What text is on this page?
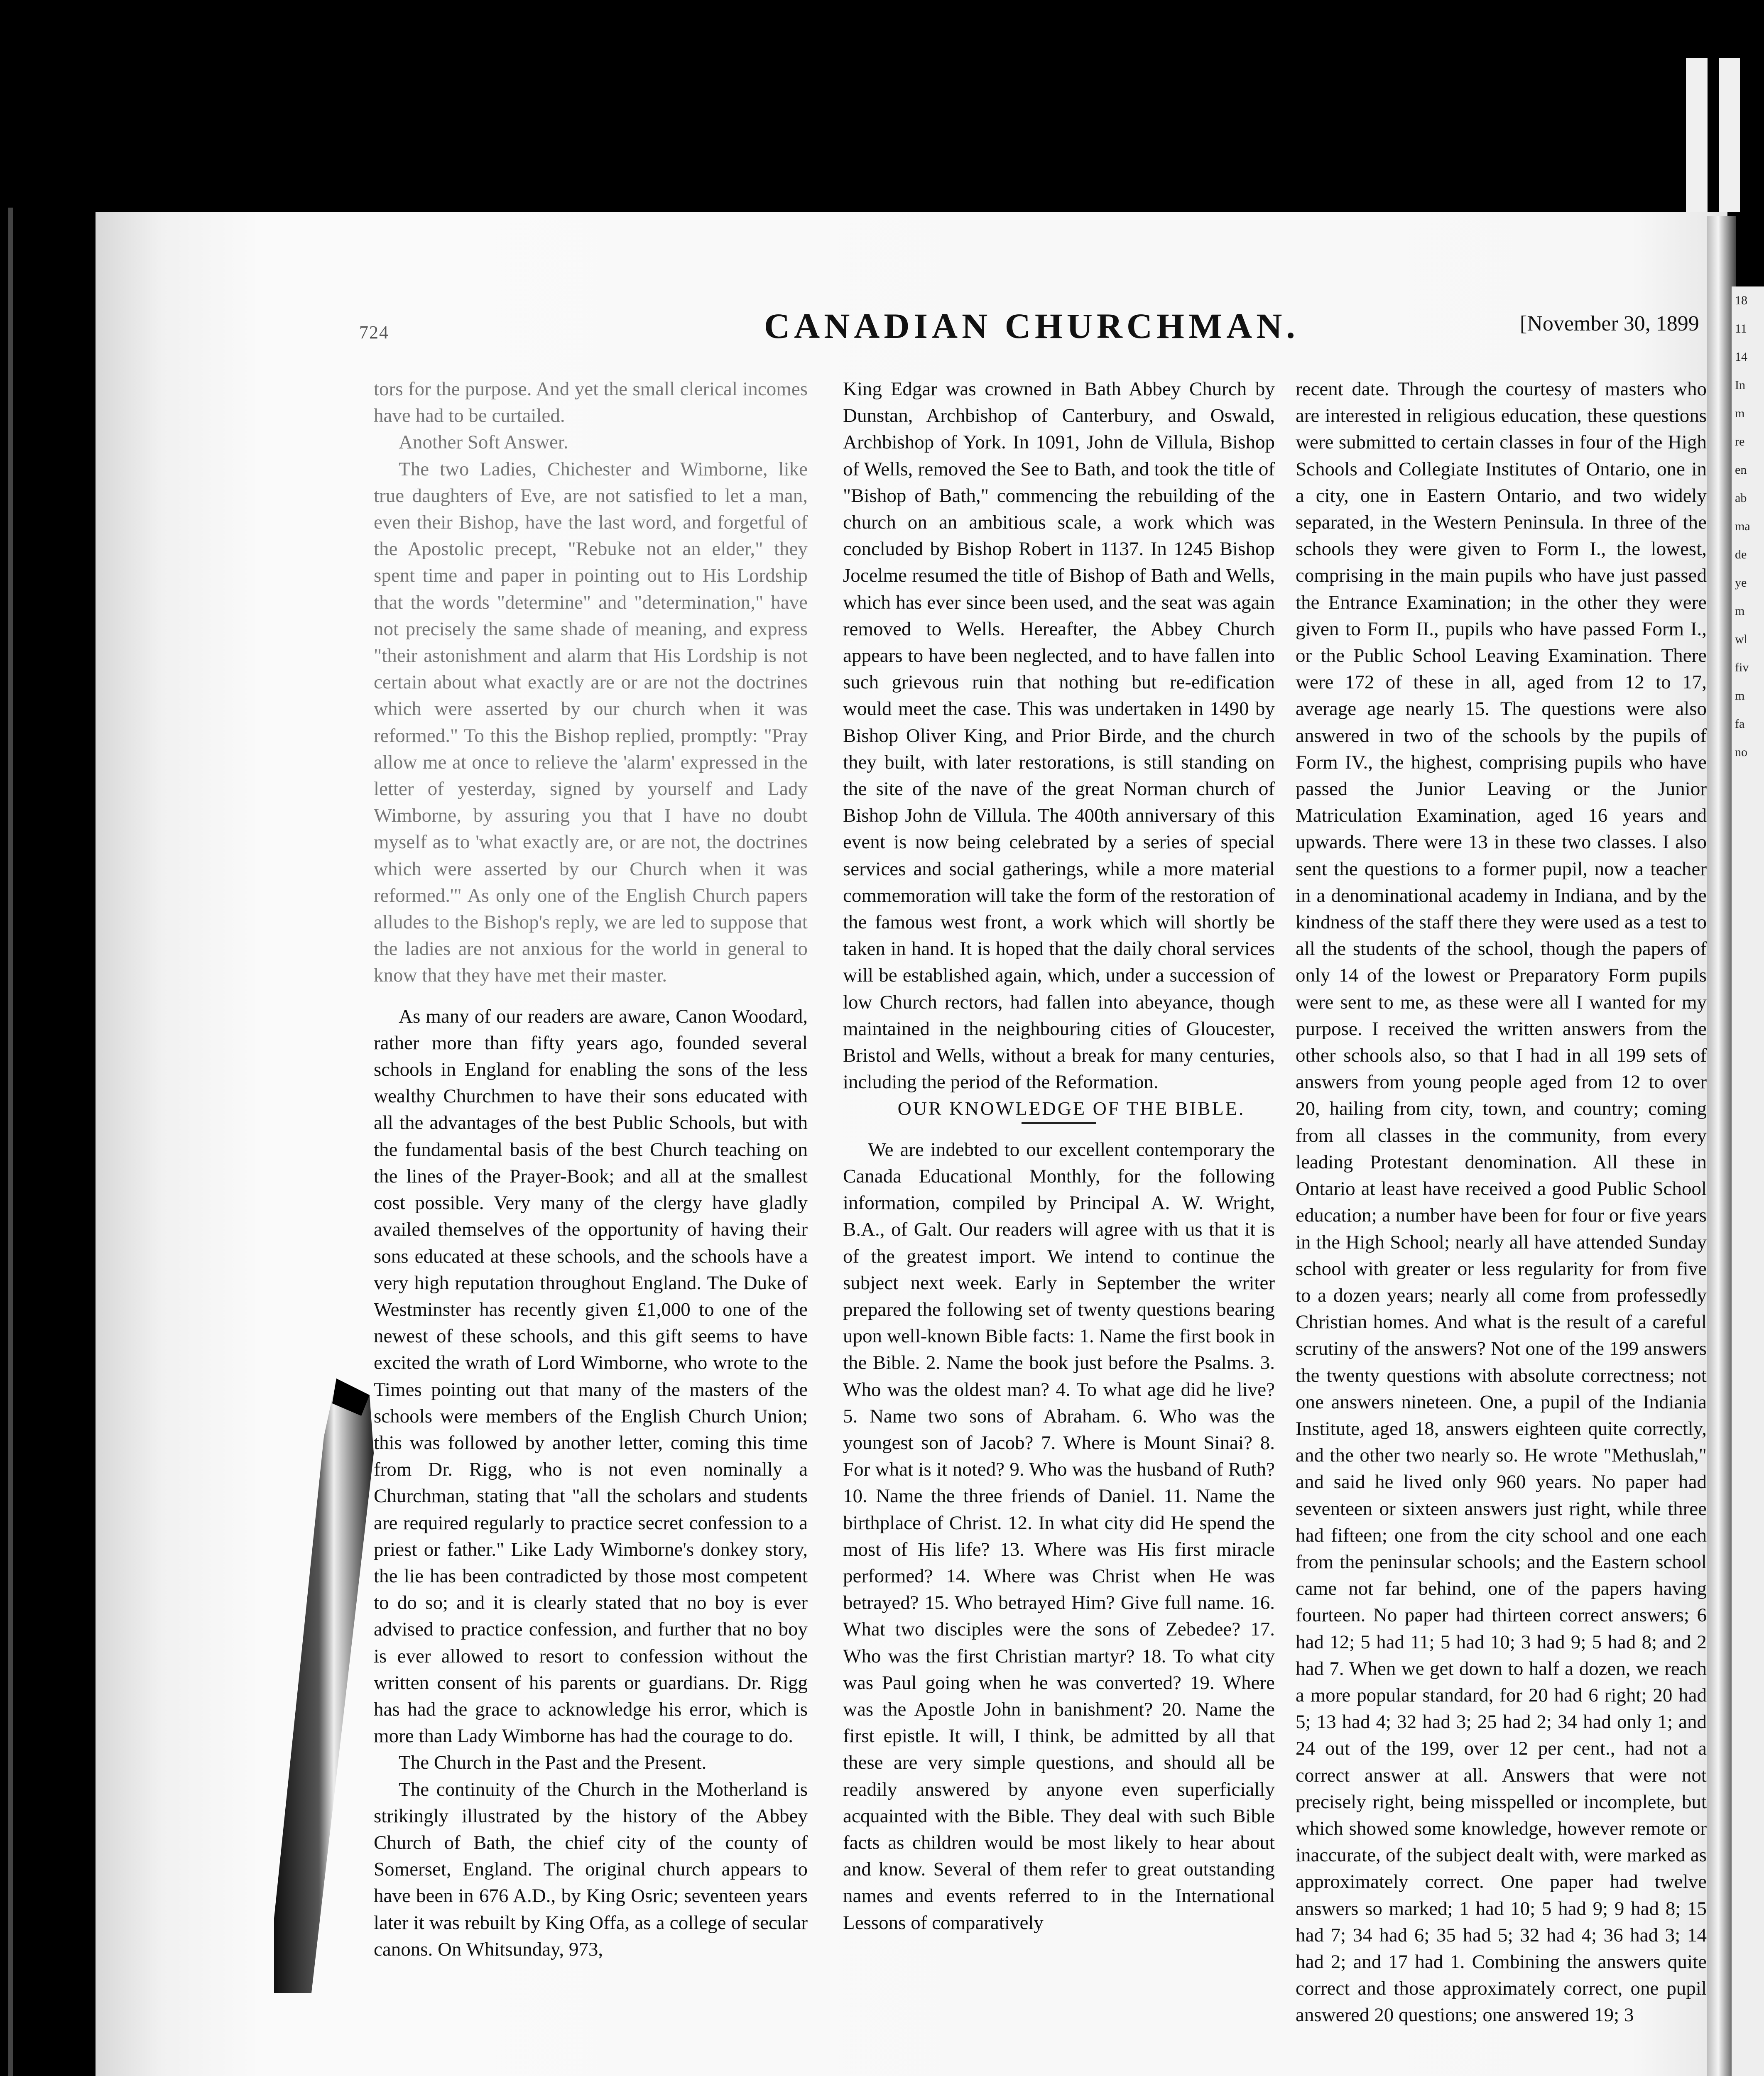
18
11
14
In
m
re
en
ab
ma
de
ye
m
wl
fiv
m
fa
no
724	CANADIAN CHURCHMAN.	[November 30, 1899

tors for the purpose. And yet the small clerical incomes have had to be curtailed.

Another Soft Answer.

The two Ladies, Chichester and Wimborne, like true daughters of Eve, are not satisfied to let a man, even their Bishop, have the last word, and forgetful of the Apostolic precept, "Rebuke not an elder," they spent time and paper in pointing out to His Lordship that the words "determine" and "determination," have not precisely the same shade of meaning, and express "their astonishment and alarm that His Lordship is not certain about what exactly are or are not the doctrines which were asserted by our church when it was reformed." To this the Bishop replied, promptly: "Pray allow me at once to relieve the 'alarm' expressed in the letter of yesterday, signed by yourself and Lady Wimborne, by assuring you that I have no doubt myself as to 'what exactly are, or are not, the doctrines which were asserted by our Church when it was reformed.'" As only one of the English Church papers alludes to the Bishop's reply, we are led to suppose that the ladies are not anxious for the world in general to know that they have met their master.

As many of our readers are aware, Canon Woodard, rather more than fifty years ago, founded several schools in England for enabling the sons of the less wealthy Churchmen to have their sons educated with all the advantages of the best Public Schools, but with the fundamental basis of the best Church teaching on the lines of the Prayer-Book; and all at the smallest cost possible. Very many of the clergy have gladly availed themselves of the opportunity of having their sons educated at these schools, and the schools have a very high reputation throughout England. The Duke of Westminster has recently given £1,000 to one of the newest of these schools, and this gift seems to have excited the wrath of Lord Wimborne, who wrote to the Times pointing out that many of the masters of the schools were members of the English Church Union; this was followed by another letter, coming this time from Dr. Rigg, who is not even nominally a Churchman, stating that "all the scholars and students are required regularly to practice secret confession to a priest or father." Like Lady Wimborne's donkey story, the lie has been contradicted by those most competent to do so; and it is clearly stated that no boy is ever advised to practice confession, and further that no boy is ever allowed to resort to confession without the written consent of his parents or guardians. Dr. Rigg has had the grace to acknowledge his error, which is more than Lady Wimborne has had the courage to do.

The Church in the Past and the Present.

The continuity of the Church in the Motherland is strikingly illustrated by the history of the Abbey Church of Bath, the chief city of the county of Somerset, England. The original church appears to have been in 676 A.D., by King Osric; seventeen years later it was rebuilt by King Offa, as a college of secular canons. On Whitsunday, 973,

King Edgar was crowned in Bath Abbey Church by Dunstan, Archbishop of Canterbury, and Oswald, Archbishop of York. In 1091, John de Villula, Bishop of Wells, removed the See to Bath, and took the title of "Bishop of Bath," commencing the rebuilding of the church on an ambitious scale, a work which was concluded by Bishop Robert in 1137. In 1245 Bishop Jocelme resumed the title of Bishop of Bath and Wells, which has ever since been used, and the seat was again removed to Wells. Hereafter, the Abbey Church appears to have been neglected, and to have fallen into such grievous ruin that nothing but re-edification would meet the case. This was undertaken in 1490 by Bishop Oliver King, and Prior Birde, and the church they built, with later restorations, is still standing on the site of the nave of the great Norman church of Bishop John de Villula. The 400th anniversary of this event is now being celebrated by a series of special services and social gatherings, while a more material commemoration will take the form of the restoration of the famous west front, a work which will shortly be taken in hand. It is hoped that the daily choral services will be established again, which, under a succession of low Church rectors, had fallen into abeyance, though maintained in the neighbouring cities of Gloucester, Bristol and Wells, without a break for many centuries, including the period of the Reformation.

OUR KNOWLEDGE OF THE BIBLE.

We are indebted to our excellent contemporary the Canada Educational Monthly, for the following information, compiled by Principal A. W. Wright, B.A., of Galt. Our readers will agree with us that it is of the greatest import. We intend to continue the subject next week. Early in September the writer prepared the following set of twenty questions bearing upon well-known Bible facts: 1. Name the first book in the Bible. 2. Name the book just before the Psalms. 3. Who was the oldest man? 4. To what age did he live? 5. Name two sons of Abraham. 6. Who was the youngest son of Jacob? 7. Where is Mount Sinai? 8. For what is it noted? 9. Who was the husband of Ruth? 10. Name the three friends of Daniel. 11. Name the birthplace of Christ. 12. In what city did He spend the most of His life? 13. Where was His first miracle performed? 14. Where was Christ when He was betrayed? 15. Who betrayed Him? Give full name. 16. What two disciples were the sons of Zebedee? 17. Who was the first Christian martyr? 18. To what city was Paul going when he was converted? 19. Where was the Apostle John in banishment? 20. Name the first epistle. It will, I think, be admitted by all that these are very simple questions, and should all be readily answered by anyone even superficially acquainted with the Bible. They deal with such Bible facts as children would be most likely to hear about and know. Several of them refer to great outstanding names and events referred to in the International Lessons of comparatively

recent date. Through the courtesy of masters who are interested in religious education, these questions were submitted to certain classes in four of the High Schools and Collegiate Institutes of Ontario, one in a city, one in Eastern Ontario, and two widely separated, in the Western Peninsula. In three of the schools they were given to Form I., the lowest, comprising in the main pupils who have just passed the Entrance Examination; in the other they were given to Form II., pupils who have passed Form I., or the Public School Leaving Examination. There were 172 of these in all, aged from 12 to 17, average age nearly 15. The questions were also answered in two of the schools by the pupils of Form IV., the highest, comprising pupils who have passed the Junior Leaving or the Junior Matriculation Examination, aged 16 years and upwards. There were 13 in these two classes. I also sent the questions to a former pupil, now a teacher in a denominational academy in Indiana, and by the kindness of the staff there they were used as a test to all the students of the school, though the papers of only 14 of the lowest or Preparatory Form pupils were sent to me, as these were all I wanted for my purpose. I received the written answers from the other schools also, so that I had in all 199 sets of answers from young people aged from 12 to over 20, hailing from city, town, and country; coming from all classes in the community, from every leading Protestant denomination. All these in Ontario at least have received a good Public School education; a number have been for four or five years in the High School; nearly all have attended Sunday school with greater or less regularity for from five to a dozen years; nearly all come from professedly Christian homes. And what is the result of a careful scrutiny of the answers? Not one of the 199 answers the twenty questions with absolute correctness; not one answers nineteen. One, a pupil of the Indiania Institute, aged 18, answers eighteen quite correctly, and the other two nearly so. He wrote "Methuslah," and said he lived only 960 years. No paper had seventeen or sixteen answers just right, while three had fifteen; one from the city school and one each from the peninsular schools; and the Eastern school came not far behind, one of the papers having fourteen. No paper had thirteen correct answers; 6 had 12; 5 had 11; 5 had 10; 3 had 9; 5 had 8; and 2 had 7. When we get down to half a dozen, we reach a more popular standard, for 20 had 6 right; 20 had 5; 13 had 4; 32 had 3; 25 had 2; 34 had only 1; and 24 out of the 199, over 12 per cent., had not a correct answer at all. Answers that were not precisely right, being misspelled or incomplete, but which showed some knowledge, however remote or inaccurate, of the subject dealt with, were marked as approximately correct. One paper had twelve answers so marked; 1 had 10; 5 had 9; 9 had 8; 15 had 7; 34 had 6; 35 had 5; 32 had 4; 36 had 3; 14 had 2; and 17 had 1. Combining the answers quite correct and those approximately correct, one pupil answered 20 questions; one answered 19; 3
